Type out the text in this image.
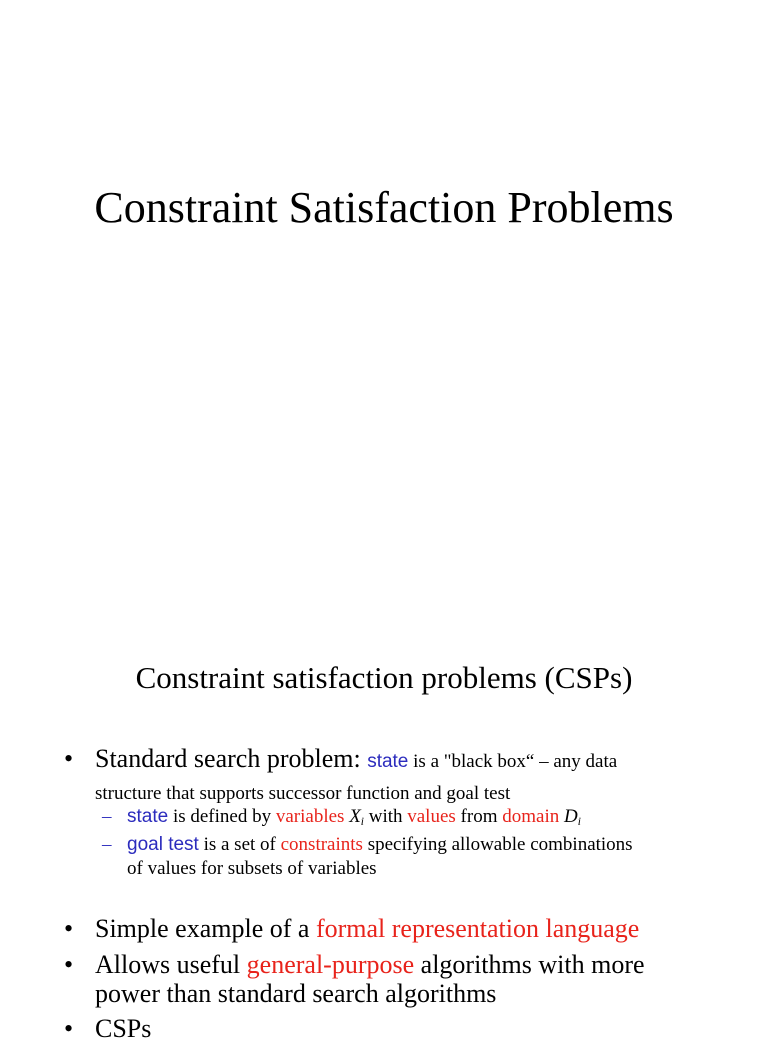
Constraint Satisfaction Problems
Constraint satisfaction problems (CSPs)
• Standard search problem: state is a "black box“ – any data
structure that supports successor function and goal test
– state is defined by variables $X_i$ with values from domain $D_i$
– goal test is a set of constraints specifying allowable combinations
of values for subsets of variables
• Simple example of a formal representation language
• Allows useful general-purpose algorithms with more
power than standard search algorithms
• CSPs
